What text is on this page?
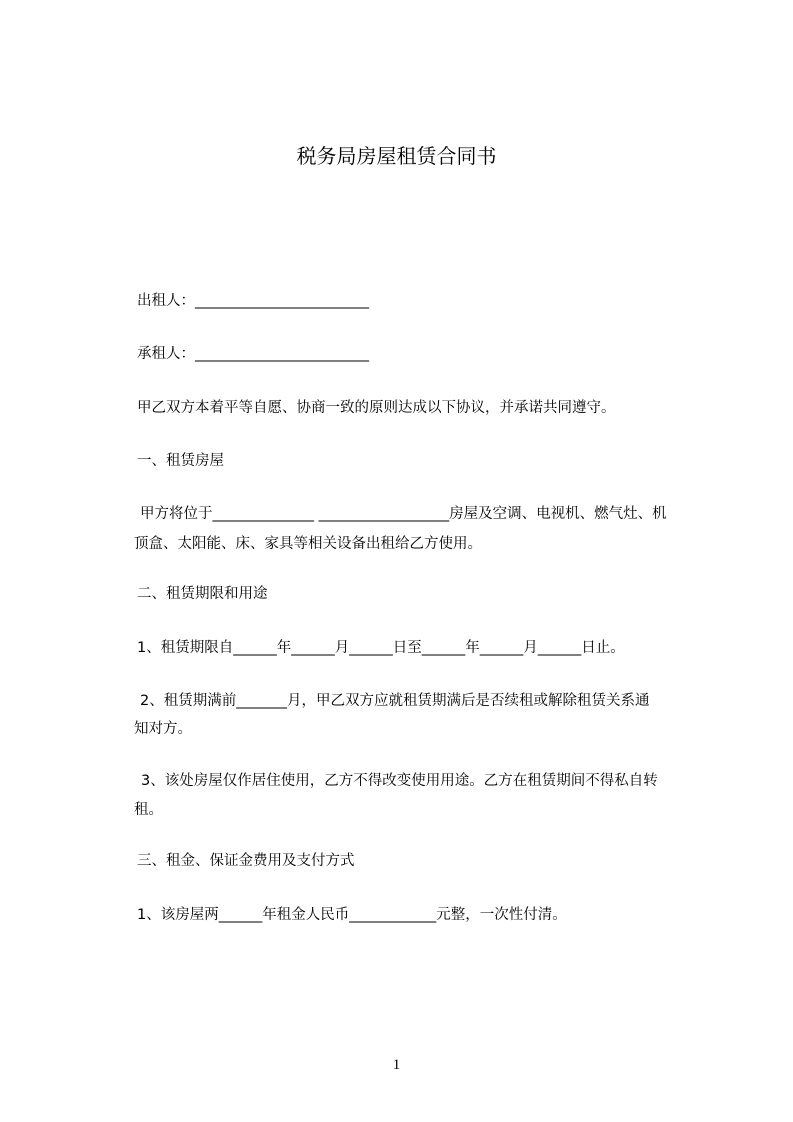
税务局房屋租赁合同书
出租人：________________________
承租人：________________________
甲乙双方本着平等自愿、协商一致的原则达成以下协议，并承诺共同遵守。
一、租赁房屋
甲方将位于______________ __________________房屋及空调、电视机、燃气灶、机
顶盒、太阳能、床、家具等相关设备出租给乙方使用。
二、租赁期限和用途
1、租赁期限自______年______月______日至______年______月______日止。
2、租赁期满前_______月，甲乙双方应就租赁期满后是否续租或解除租赁关系通
知对方。
3、该处房屋仅作居住使用，乙方不得改变使用用途。乙方在租赁期间不得私自转
租。
三、租金、保证金费用及支付方式
1、该房屋两______年租金人民币____________元整，一次性付清。
1
